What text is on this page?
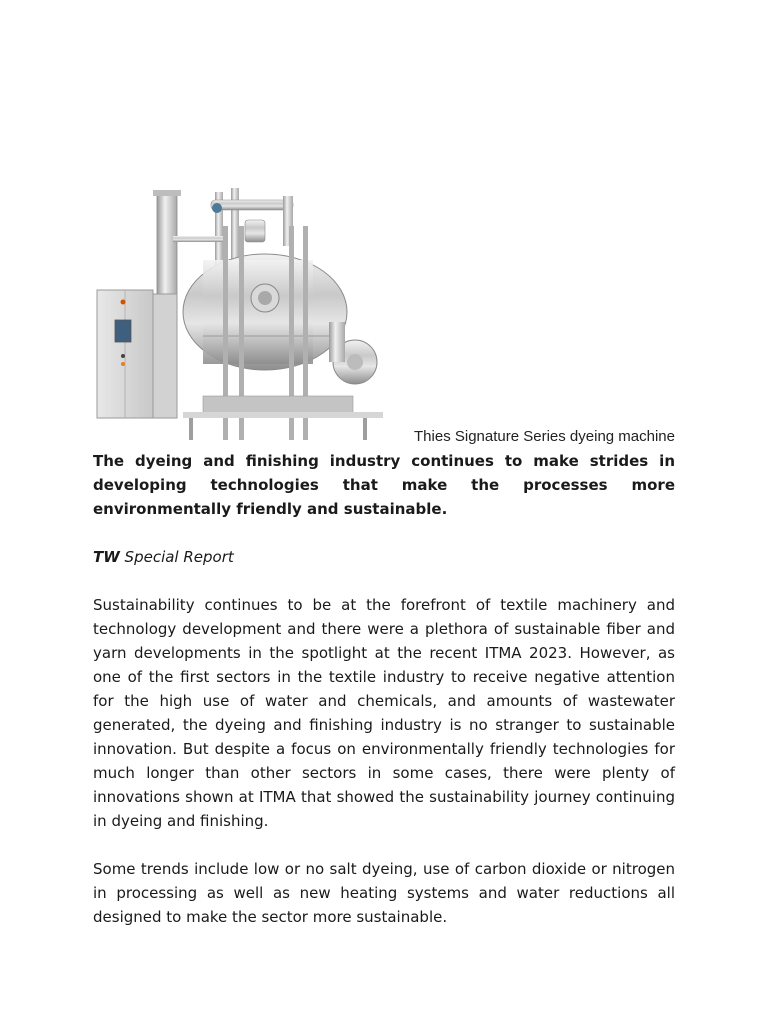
Thies Signature Series dyeing machine

The dyeing and finishing industry continues to make strides in developing technologies that make the processes more environmentally friendly and sustainable.

TW Special Report

Sustainability continues to be at the forefront of textile machinery and technology development and there were a plethora of sustainable fiber and yarn developments in the spotlight at the recent ITMA 2023. However, as one of the first sectors in the textile industry to receive negative attention for the high use of water and chemicals, and amounts of wastewater generated, the dyeing and finishing industry is no stranger to sustainable innovation. But despite a focus on environmentally friendly technologies for much longer than other sectors in some cases, there were plenty of innovations shown at ITMA that showed the sustainability journey continuing in dyeing and finishing.

Some trends include low or no salt dyeing, use of carbon dioxide or nitrogen in processing as well as new heating systems and water reductions all designed to make the sector more sustainable.
